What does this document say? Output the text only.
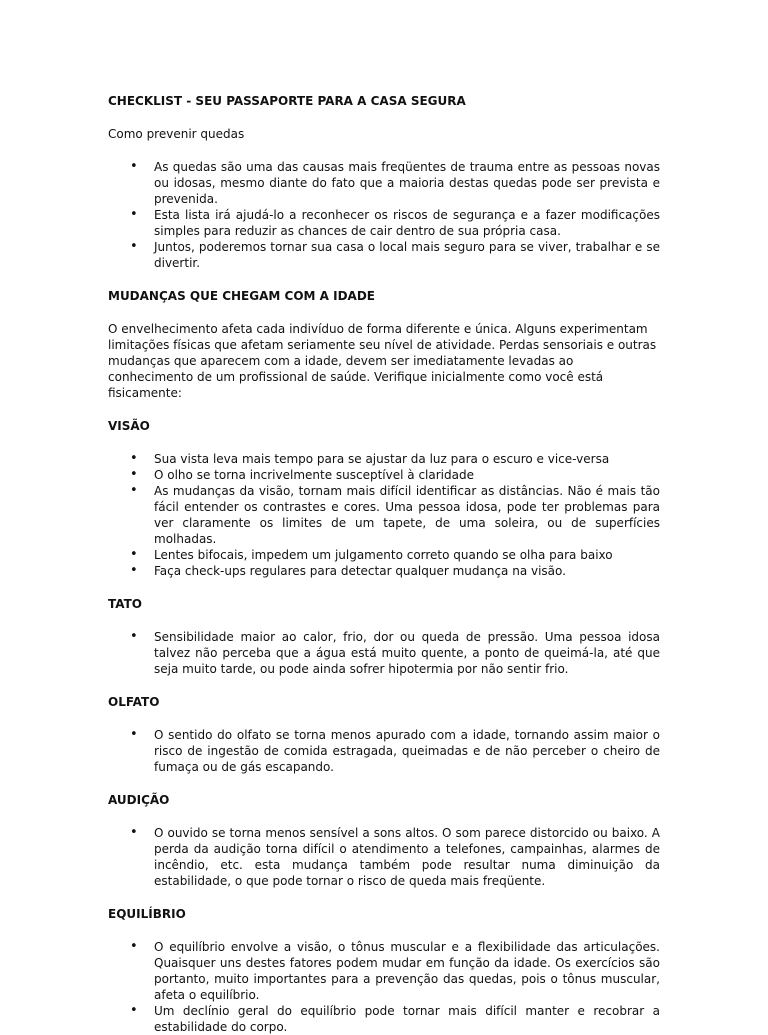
CHECKLIST - SEU PASSAPORTE PARA A CASA SEGURA

Como prevenir quedas

• As quedas são uma das causas mais freqüentes de trauma entre as pessoas novas ou idosas, mesmo diante do fato que a maioria destas quedas pode ser prevista e prevenida.
• Esta lista irá ajudá-lo a reconhecer os riscos de segurança e a fazer modificações simples para reduzir as chances de cair dentro de sua própria casa.
• Juntos, poderemos tornar sua casa o local mais seguro para se viver, trabalhar e se divertir.
MUDANÇAS QUE CHEGAM COM A IDADE

O envelhecimento afeta cada indivíduo de forma diferente e única. Alguns experimentam limitações físicas que afetam seriamente seu nível de atividade. Perdas sensoriais e outras mudanças que aparecem com a idade, devem ser imediatamente levadas ao conhecimento de um profissional de saúde. Verifique inicialmente como você está fisicamente:

VISÃO
• Sua vista leva mais tempo para se ajustar da luz para o escuro e vice-versa
• O olho se torna incrivelmente susceptível à claridade
• As mudanças da visão, tornam mais difícil identificar as distâncias. Não é mais tão fácil entender os contrastes e cores. Uma pessoa idosa, pode ter problemas para ver claramente os limites de um tapete, de uma soleira, ou de superfícies molhadas.
• Lentes bifocais, impedem um julgamento correto quando se olha para baixo
• Faça check-ups regulares para detectar qualquer mudança na visão.
TATO
• Sensibilidade maior ao calor, frio, dor ou queda de pressão. Uma pessoa idosa talvez não perceba que a água está muito quente, a ponto de queimá-la, até que seja muito tarde, ou pode ainda sofrer hipotermia por não sentir frio.
OLFATO
• O sentido do olfato se torna menos apurado com a idade, tornando assim maior o risco de ingestão de comida estragada, queimadas e de não perceber o cheiro de fumaça ou de gás escapando.
AUDIÇÃO
• O ouvido se torna menos sensível a sons altos. O som parece distorcido ou baixo. A perda da audição torna difícil o atendimento a telefones, campainhas, alarmes de incêndio, etc. esta mudança também pode resultar numa diminuição da estabilidade, o que pode tornar o risco de queda mais freqüente.
EQUILÍBRIO
• O equilíbrio envolve a visão, o tônus muscular e a flexibilidade das articulações. Quaisquer uns destes fatores podem mudar em função da idade. Os exercícios são portanto, muito importantes para a prevenção das quedas, pois o tônus muscular, afeta o equilíbrio.
• Um declínio geral do equilíbrio pode tornar mais difícil manter e recobrar a estabilidade do corpo.
